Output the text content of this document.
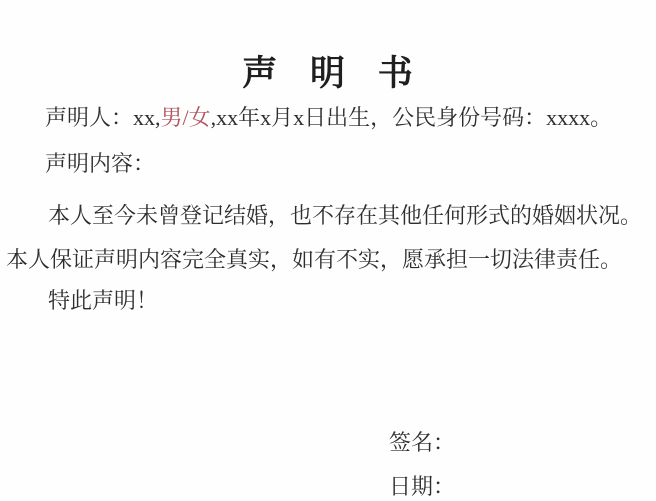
声 明 书

声明人：xx,男/女,xx年x月x日出生，公民身份号码：xxxx。

声明内容：

本人至今未曾登记结婚，也不存在其他任何形式的婚姻状况。本人保证声明内容完全真实，如有不实，愿承担一切法律责任。

特此声明！

签名：

日期：
